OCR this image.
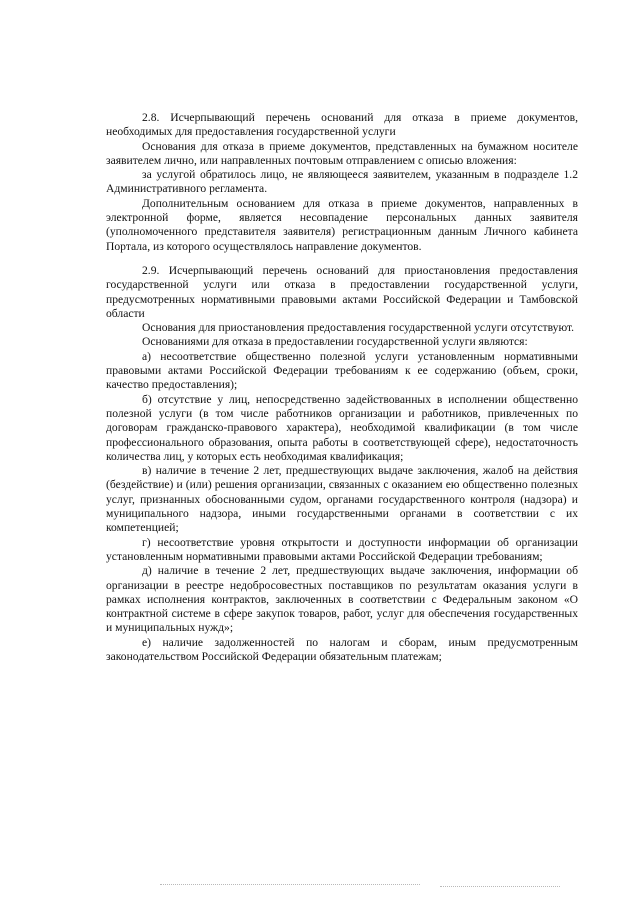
2.8. Исчерпывающий перечень оснований для отказа в приеме документов, необходимых для предоставления государственной услуги

Основания для отказа в приеме документов, представленных на бумажном носителе заявителем лично, или направленных почтовым отправлением с описью вложения:

за услугой обратилось лицо, не являющееся заявителем, указанным в подразделе 1.2 Административного регламента.

Дополнительным основанием для отказа в приеме документов, направленных в электронной форме, является несовпадение персональных данных заявителя (уполномоченного представителя заявителя) регистрационным данным Личного кабинета Портала, из которого осуществлялось направление документов.

2.9. Исчерпывающий перечень оснований для приостановления предоставления государственной услуги или отказа в предоставлении государственной услуги, предусмотренных нормативными правовыми актами Российской Федерации и Тамбовской области

Основания для приостановления предоставления государственной услуги отсутствуют.

Основаниями для отказа в предоставлении государственной услуги являются:

а) несоответствие общественно полезной услуги установленным нормативными правовыми актами Российской Федерации требованиям к ее содержанию (объем, сроки, качество предоставления);

б) отсутствие у лиц, непосредственно задействованных в исполнении общественно полезной услуги (в том числе работников организации и работников, привлеченных по договорам гражданско-правового характера), необходимой квалификации (в том числе профессионального образования, опыта работы в соответствующей сфере), недостаточность количества лиц, у которых есть необходимая квалификация;

в) наличие в течение 2 лет, предшествующих выдаче заключения, жалоб на действия (бездействие) и (или) решения организации, связанных с оказанием ею общественно полезных услуг, признанных обоснованными судом, органами государственного контроля (надзора) и муниципального надзора, иными государственными органами в соответствии с их компетенцией;

г) несоответствие уровня открытости и доступности информации об организации установленным нормативными правовыми актами Российской Федерации требованиям;

д) наличие в течение 2 лет, предшествующих выдаче заключения, информации об организации в реестре недобросовестных поставщиков по результатам оказания услуги в рамках исполнения контрактов, заключенных в соответствии с Федеральным законом «О контрактной системе в сфере закупок товаров, работ, услуг для обеспечения государственных и муниципальных нужд»;

е) наличие задолженностей по налогам и сборам, иным предусмотренным законодательством Российской Федерации обязательным платежам;
